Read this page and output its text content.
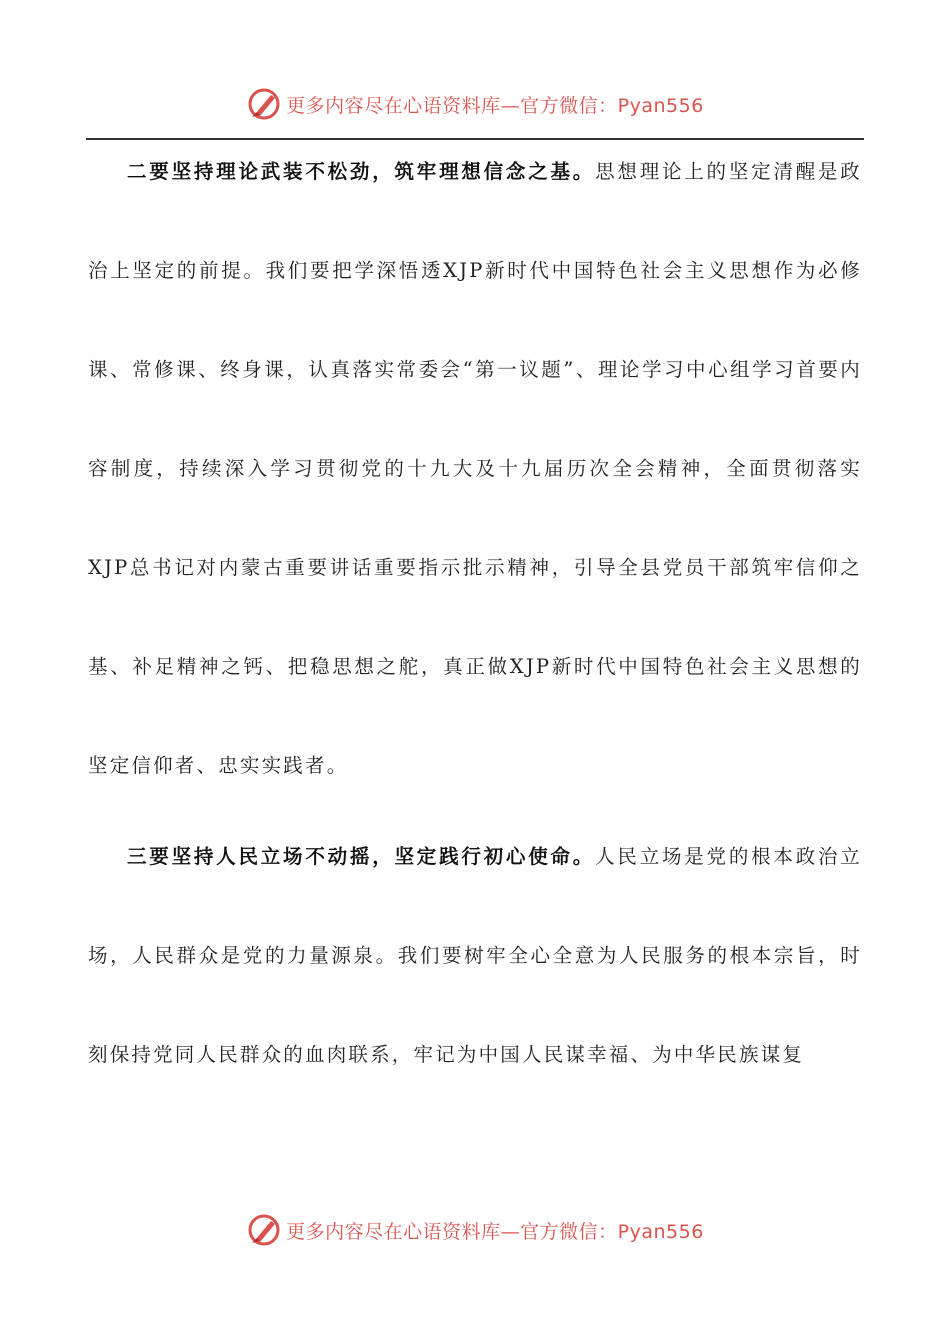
更多内容尽在心语资料库—官方微信：Pyan556

二要坚持理论武装不松劲，筑牢理想信念之基。思想理论上的坚定清醒是政治上坚定的前提。我们要把学深悟透XJP新时代中国特色社会主义思想作为必修课、常修课、终身课，认真落实常委会“第一议题”、理论学习中心组学习首要内容制度，持续深入学习贯彻党的十九大及十九届历次全会精神，全面贯彻落实XJP总书记对内蒙古重要讲话重要指示批示精神，引导全县党员干部筑牢信仰之基、补足精神之钙、把稳思想之舵，真正做XJP新时代中国特色社会主义思想的坚定信仰者、忠实实践者。

三要坚持人民立场不动摇，坚定践行初心使命。人民立场是党的根本政治立场，人民群众是党的力量源泉。我们要树牢全心全意为人民服务的根本宗旨，时刻保持党同人民群众的血肉联系，牢记为中国人民谋幸福、为中华民族谋复

更多内容尽在心语资料库—官方微信：Pyan556
